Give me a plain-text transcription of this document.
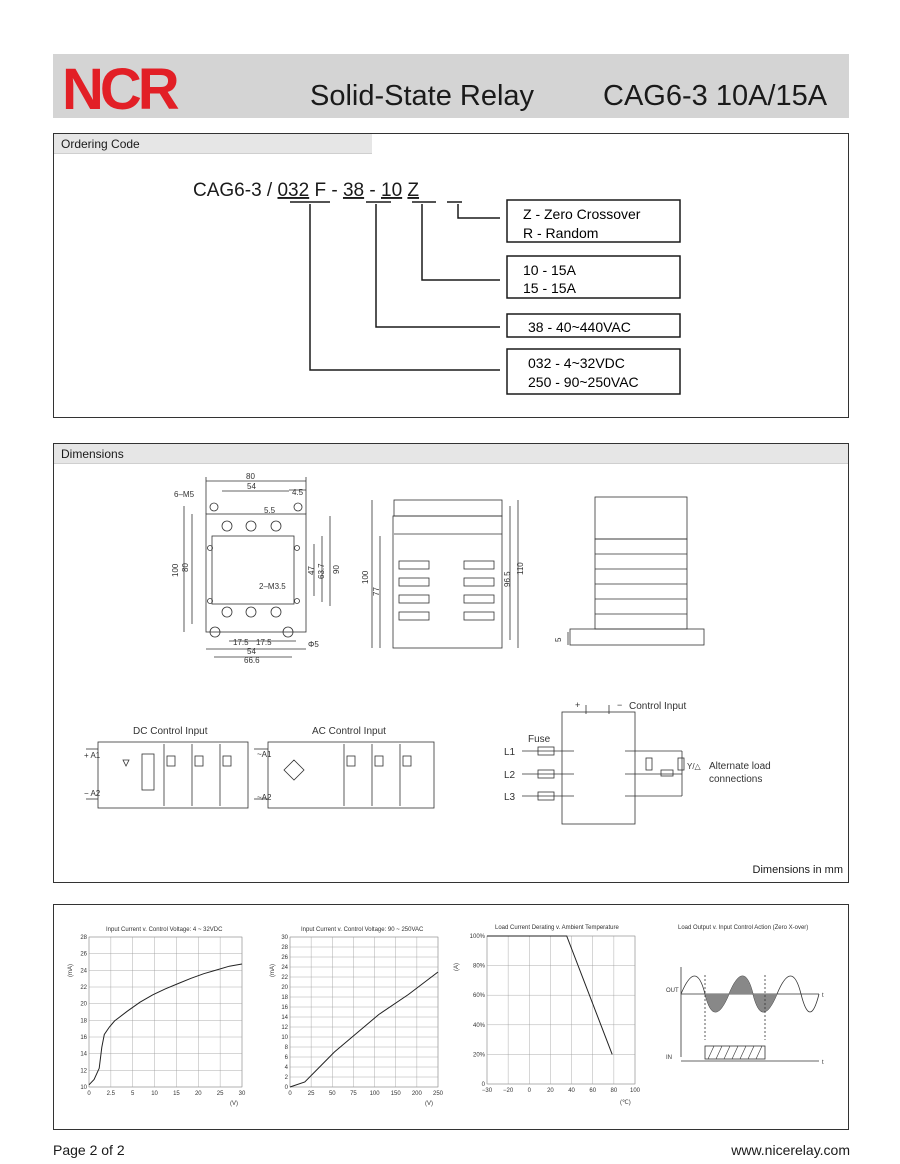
NCR	Solid-State Relay CAG6-3 10A/15A
Ordering Code
CAG6-3 / 032 F - 38 - 10 Z
Z - Zero Crossover
R - Random
10 - 15A
15 - 15A
38 - 40~440VAC
032 - 4~32VDC
250 - 90~250VAC
Dimensions
80
54
4.5
6–M5
5.5
100 80	47 63.7 90
2–M3.5
17.5 17.5
54
66.6
Φ5
100
77
96.5
110
5
DC Control Input
+ A1
− A2
AC Control Input
~A1
~A2
+	− Control Input
Fuse
L1
L2
L3
Y/△ Alternate load
connections
Dimensions in mm
Input Current v. Control Voltage: 4 ~ 32VDC	Input Current v. Control Voltage: 90 ~ 250VAC	Load Current Derating v. Ambient Temperature	Load Output v. Input Control Action (Zero X-over)
(mA)
(V)
(mA)
(V)
(A)
(℃)
28
26
24
22
20
18
16
14
12
10
0	2.5	5	10	15	20	25	30
30
28
26
24
22
20
18
16
14
12
10
8
6
4
2
0
0	25 50 75 100 150 200 250
100%
80%
60%
40%
20%
0
−30 −20 0	20 40 60 80 100
OUT
IN
t
t
Page 2 of 2	www.nicerelay.com
